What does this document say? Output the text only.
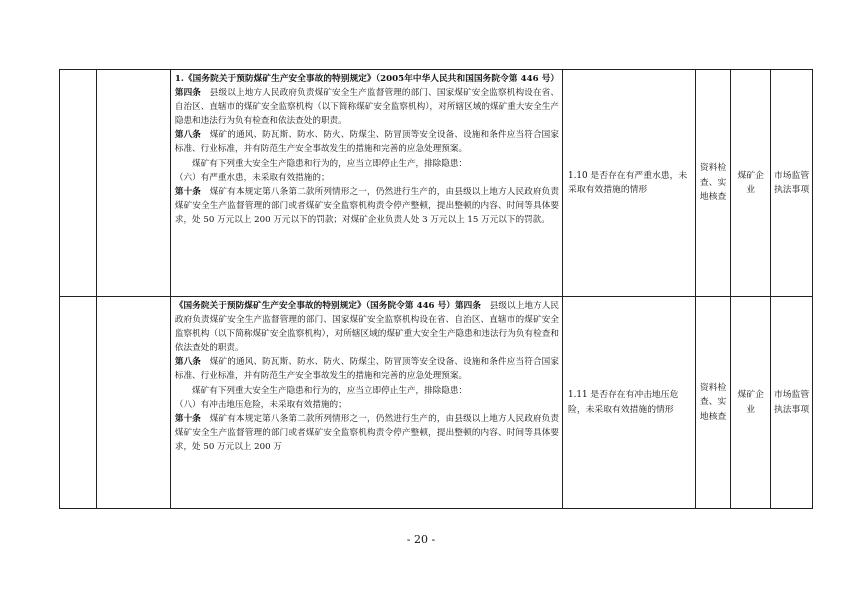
		1.《国务院关于预防煤矿生产安全事故的特别规定》（2005年中华人民共和国国务院令第 446 号）第四条　县级以上地方人民政府负责煤矿安全生产监督管理的部门、国家煤矿安全监察机构设在省、自治区、直辖市的煤矿安全监察机构（以下简称煤矿安全监察机构），对所辖区域的煤矿重大安全生产隐患和违法行为负有检查和依法查处的职责。

第八条　煤矿的通风、防瓦斯、防水、防火、防煤尘、防冒顶等安全设备、设施和条件应当符合国家标准、行业标准，并有防范生产安全事故发生的措施和完善的应急处理预案。

煤矿有下列重大安全生产隐患和行为的，应当立即停止生产，排除隐患：

（六）有严重水患，未采取有效措施的；

第十条　煤矿有本规定第八条第二款所列情形之一，仍然进行生产的，由县级以上地方人民政府负责煤矿安全生产监督管理的部门或者煤矿安全监察机构责令停产整顿，提出整顿的内容、时间等具体要求，处 50 万元以上 200 万元以下的罚款；对煤矿企业负责人处 3 万元以上 15 万元以下的罚款。	1.10 是否存在有严重水患，未采取有效措施的情形	资料检查、实地核查	煤矿企业	市场监管执法事项

		《国务院关于预防煤矿生产安全事故的特别规定》（国务院令第 446 号）第四条　县级以上地方人民政府负责煤矿安全生产监督管理的部门、国家煤矿安全监察机构设在省、自治区、直辖市的煤矿安全监察机构（以下简称煤矿安全监察机构），对所辖区域的煤矿重大安全生产隐患和违法行为负有检查和依法查处的职责。

第八条　煤矿的通风、防瓦斯、防水、防火、防煤尘、防冒顶等安全设备、设施和条件应当符合国家标准、行业标准，并有防范生产安全事故发生的措施和完善的应急处理预案。

煤矿有下列重大安全生产隐患和行为的，应当立即停止生产，排除隐患：

（八）有冲击地压危险，未采取有效措施的；

第十条　煤矿有本规定第八条第二款所列情形之一，仍然进行生产的，由县级以上地方人民政府负责煤矿安全生产监督管理的部门或者煤矿安全监察机构责令停产整顿，提出整顿的内容、时间等具体要求，处 50 万元以上 200 万	1.11 是否存在有冲击地压危险，未采取有效措施的情形	资料检查、实地核查	煤矿企业	市场监管执法事项
- 20 -
